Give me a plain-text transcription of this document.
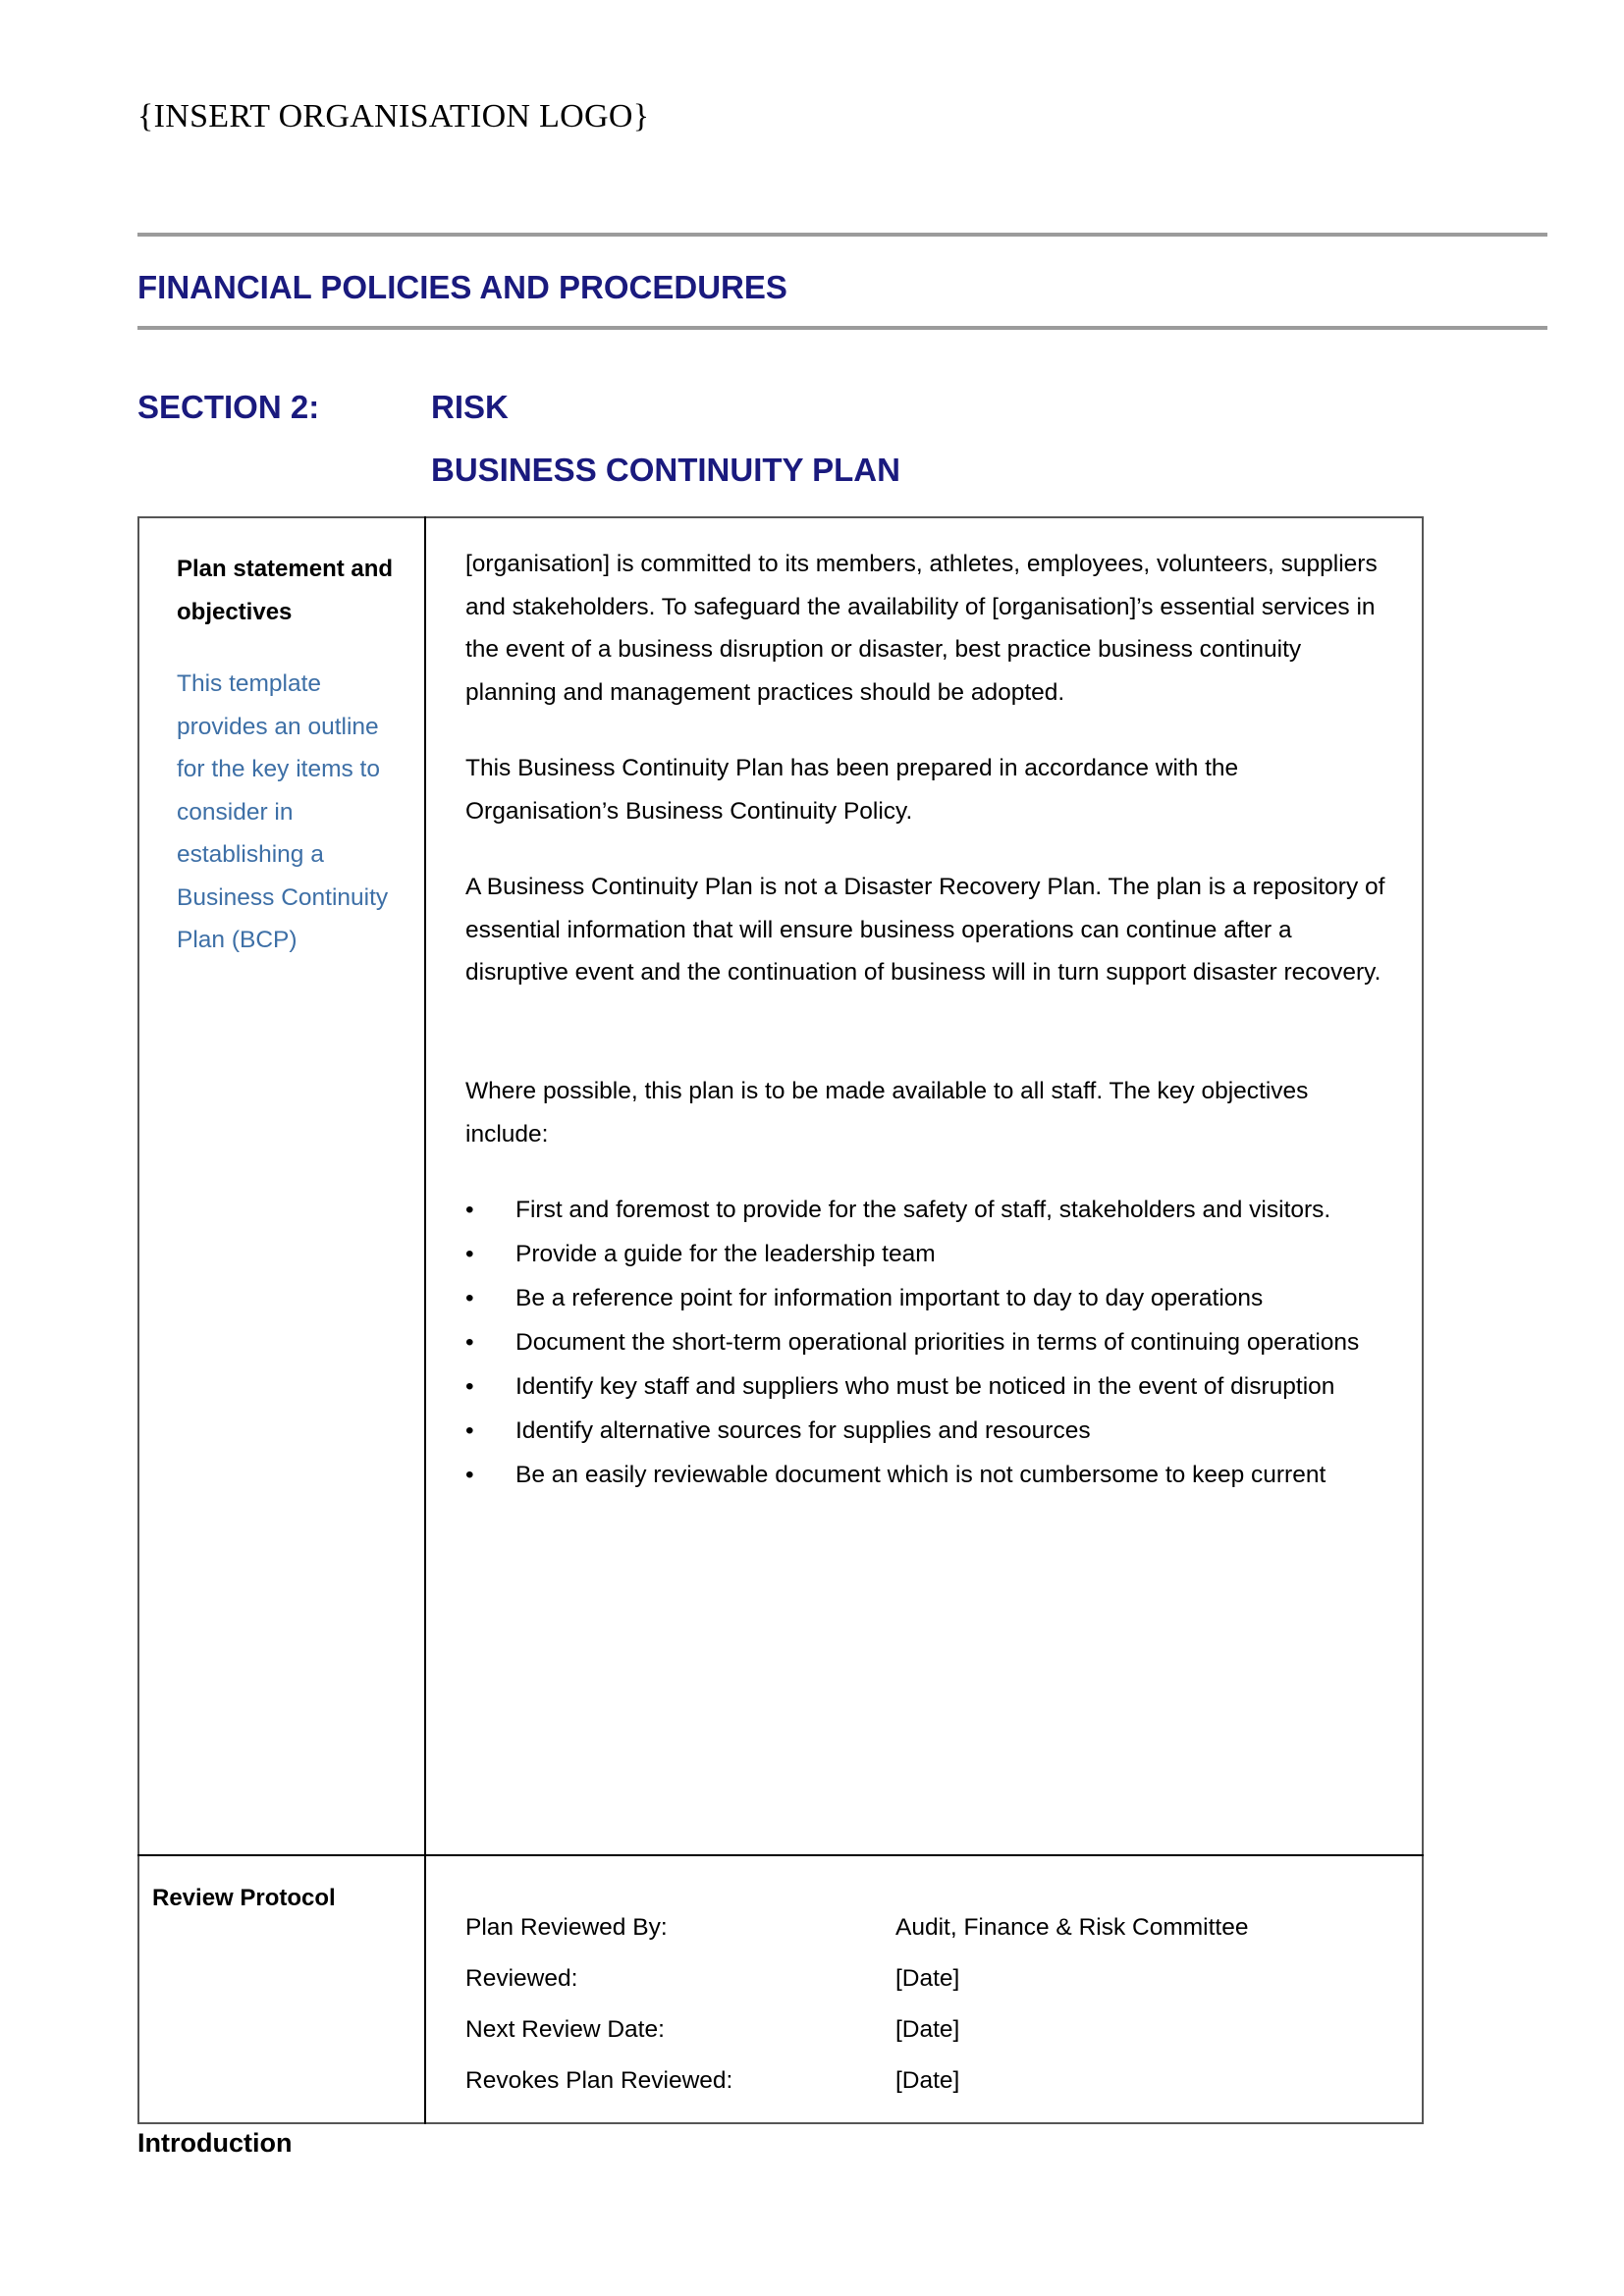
{INSERT ORGANISATION LOGO}
FINANCIAL POLICIES AND PROCEDURES
SECTION 2:	RISK
BUSINESS CONTINUITY PLAN
Plan statement and objectives
This template provides an outline for the key items to consider in establishing a Business Continuity Plan (BCP)
[organisation] is committed to its members, athletes, employees, volunteers, suppliers and stakeholders. To safeguard the availability of [organisation]’s essential services in the event of a business disruption or disaster, best practice business continuity planning and management practices should be adopted.
This Business Continuity Plan has been prepared in accordance with the Organisation’s Business Continuity Policy.
A Business Continuity Plan is not a Disaster Recovery Plan. The plan is a repository of essential information that will ensure business operations can continue after a disruptive event and the continuation of business will in turn support disaster recovery.
Where possible, this plan is to be made available to all staff. The key objectives include:
• First and foremost to provide for the safety of staff, stakeholders and visitors.
• Provide a guide for the leadership team
• Be a reference point for information important to day to day operations
• Document the short-term operational priorities in terms of continuing operations
• Identify key staff and suppliers who must be noticed in the event of disruption
• Identify alternative sources for supplies and resources
• Be an easily reviewable document which is not cumbersome to keep current
Review Protocol
Plan Reviewed By:	Audit, Finance & Risk Committee
Reviewed:	[Date]
Next Review Date:	[Date]
Revokes Plan Reviewed:	[Date]
Introduction
